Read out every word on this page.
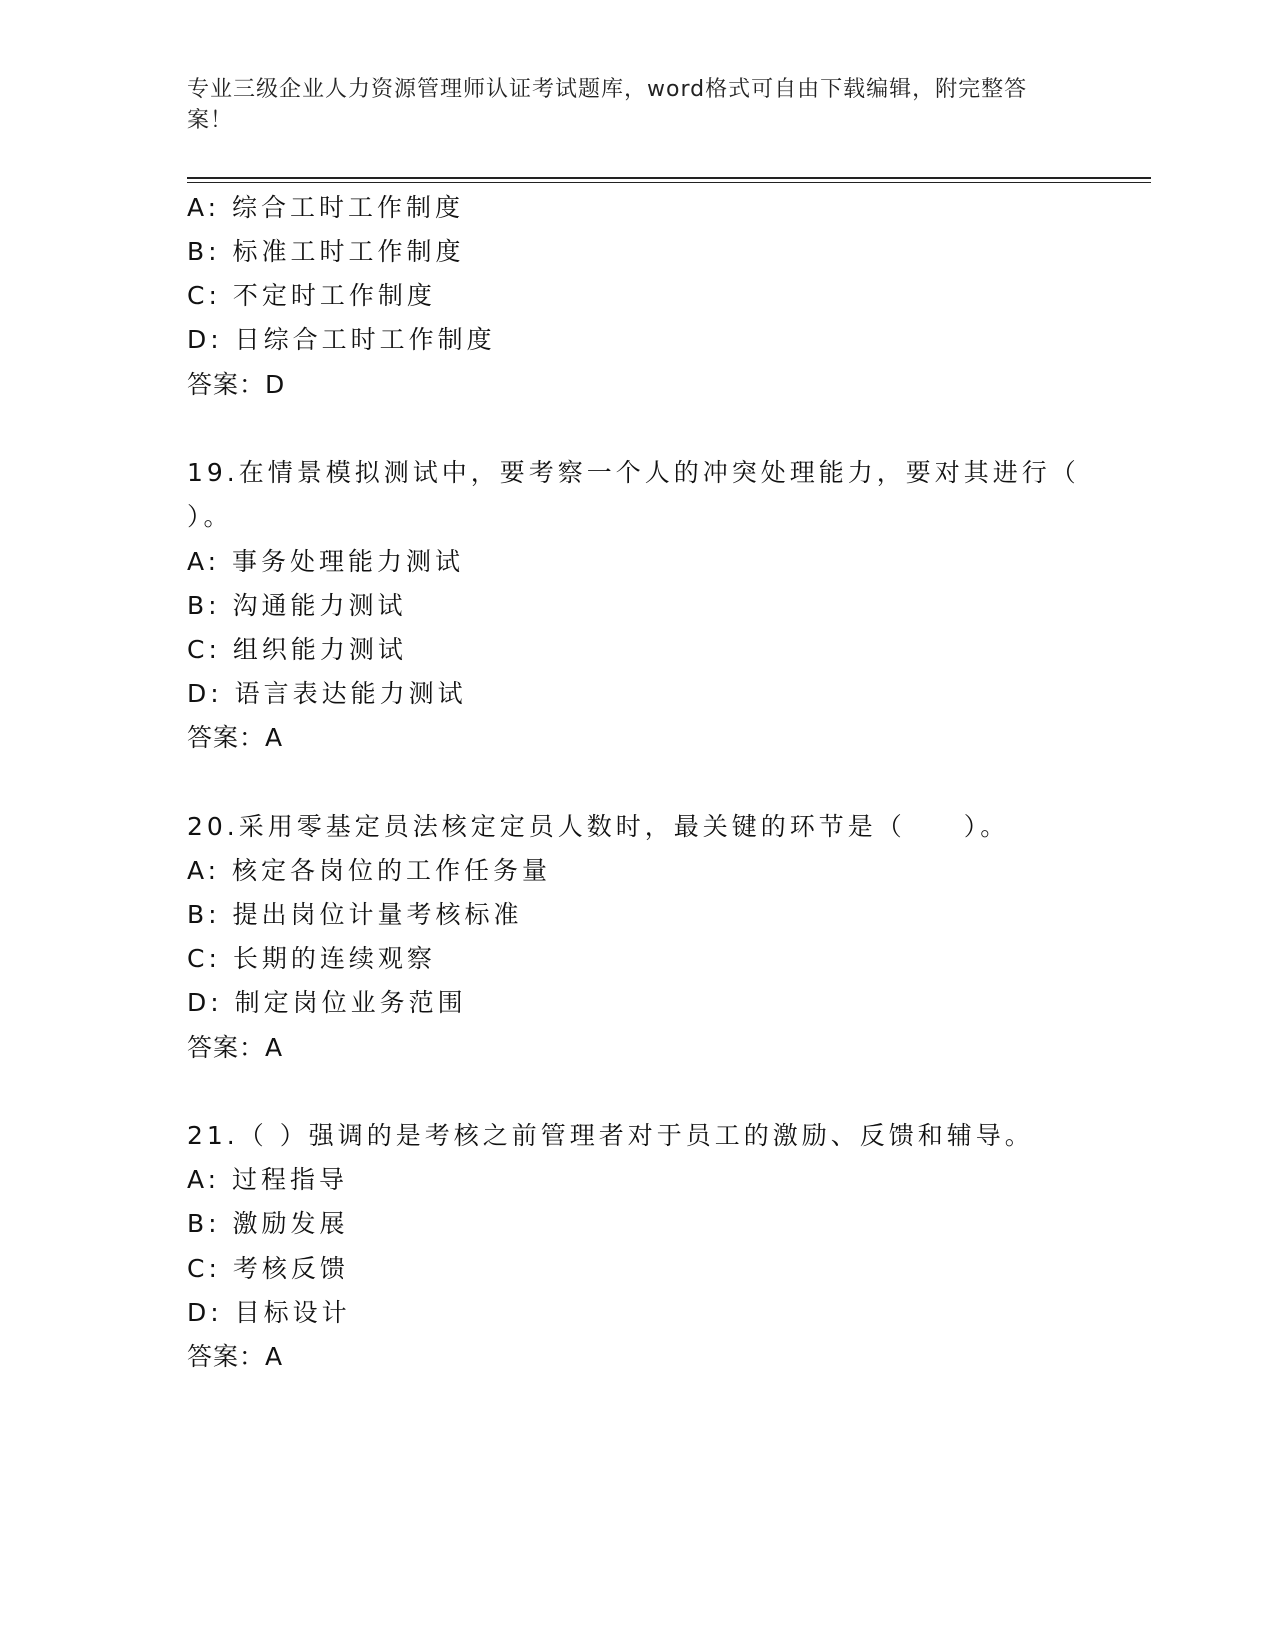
专业三级企业人力资源管理师认证考试题库，word格式可自由下载编辑，附完整答案！
A: 综合工时工作制度
B: 标准工时工作制度
C: 不定时工作制度
D: 日综合工时工作制度
答案：D
19.在情景模拟测试中，要考察一个人的冲突处理能力，要对其进行（
）。
A: 事务处理能力测试
B: 沟通能力测试
C: 组织能力测试
D: 语言表达能力测试
答案：A
20.采用零基定员法核定定员人数时，最关键的环节是（　　）。
A: 核定各岗位的工作任务量
B: 提出岗位计量考核标准
C: 长期的连续观察
D: 制定岗位业务范围
答案：A
21.（ ）强调的是考核之前管理者对于员工的激励、反馈和辅导。
A: 过程指导
B: 激励发展
C: 考核反馈
D: 目标设计
答案：A
